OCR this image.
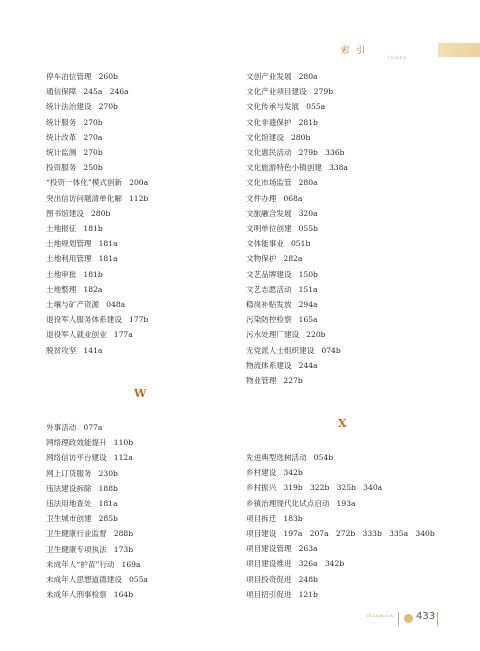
索 引
INDEX
停车泊位管理 260b
通信保障 245a   246a
统计法治建设 270b
统计服务 270b
统计改革 270a
统计监测 270b
投资服务 250b
“投资一体化”模式创新 200a
突出信访问题清单化解 112b
图书馆建设 280b
土地报征 181b
土地规划管理 181a
土地利用管理 181a
土地审批 181b
土地整理 182a
土壤与矿产资源 048a
退役军人服务体系建设 177b
退役军人就业创业 177a
脱贫攻坚 141a
W
外事活动 077a
网络理政效能提升 110b
网络信访平台建设 112a
网上订货服务 230b
违法建设拆除 188b
违法用地查处 181a
卫生城市创建 285b
卫生健康行业监督 288b
卫生健康专项执法 173b
未成年人“护苗”行动 169a
未成年人思想道德建设 055a
未成年人刑事检察 164b
文创产业发展 280a
文化产业项目建设 279b
文化传承与发展 055a
文化非遗保护 281b
文化馆建设 280b
文化惠民活动 279b   336b
文化旅游特色小镇创建 338a
文化市场监管 280a
文件办理 068a
文旅融合发展 320a
文明单位创建 055b
文体能事业 051b
文物保护 282a
文艺品牌建设 150b
文艺志愿活动 151a
稳岗补贴发放 294a
污染防控检察 165a
污水处理厂建设 220b
无党派人士组织建设 074b
物流体系建设 244a
物业管理 227b
X
先进典型选树活动 054b
乡村建设 342b
乡村振兴 319b   322b   325b   340a
乡镇治理现代化试点启动 193a
项目拆迁 183b
项目建设 197a   207a   272b   333b   335a   340b
项目建设管理 263a
项目建设推进 326a   342b
项目投资促进 248b
项目招引促进 121b
YEARBOOK 433
